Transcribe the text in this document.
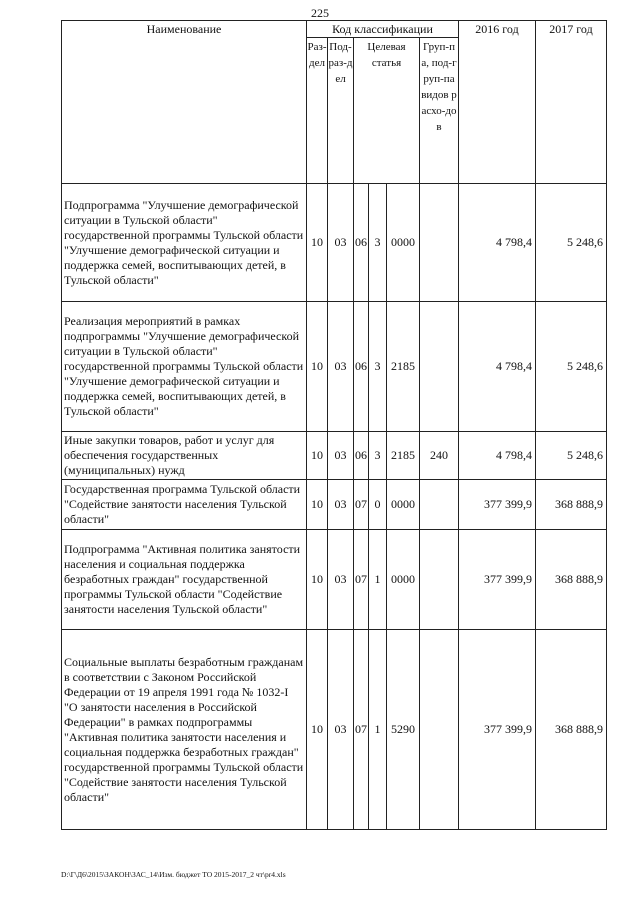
225
Наименование	Код классификации						2016 год	2017 год
	Раз-дел	Под-раз-дел	Целевая статья			Груп-па, под-груп-па видов расхо-дов		
Подпрограмма "Улучшение демографической ситуации в Тульской области" государственной программы Тульской области "Улучшение демографической ситуации и поддержка семей, воспитывающих детей, в Тульской области"	10	03	06	3	0000		4 798,4	5 248,6
Реализация мероприятий в рамках подпрограммы "Улучшение демографической ситуации в Тульской области" государственной программы Тульской области "Улучшение демографической ситуации и поддержка семей, воспитывающих детей, в Тульской области"	10	03	06	3	2185		4 798,4	5 248,6
Иные закупки товаров, работ и услуг для обеспечения государственных (муниципальных) нужд	10	03	06	3	2185	240	4 798,4	5 248,6
Государственная программа Тульской области "Содействие занятости населения Тульской области"	10	03	07	0	0000		377 399,9	368 888,9
Подпрограмма "Активная политика занятости населения и социальная поддержка безработных граждан" государственной программы Тульской области "Содействие занятости населения Тульской области"	10	03	07	1	0000		377 399,9	368 888,9
Социальные выплаты безработным гражданам в соответствии с Законом Российской Федерации от 19 апреля 1991 года № 1032-I "О занятости населения в Российской Федерации" в рамках подпрограммы "Активная политика занятости населения и социальная поддержка безработных граждан" государственной программы Тульской области "Содействие занятости населения Тульской области"	10	03	07	1	5290		377 399,9	368 888,9
D:\Г\Д6\2015\ЗАКОН\ЗАС_14\Изм. бюджет ТО 2015-2017_2 чт\pr4.xls
